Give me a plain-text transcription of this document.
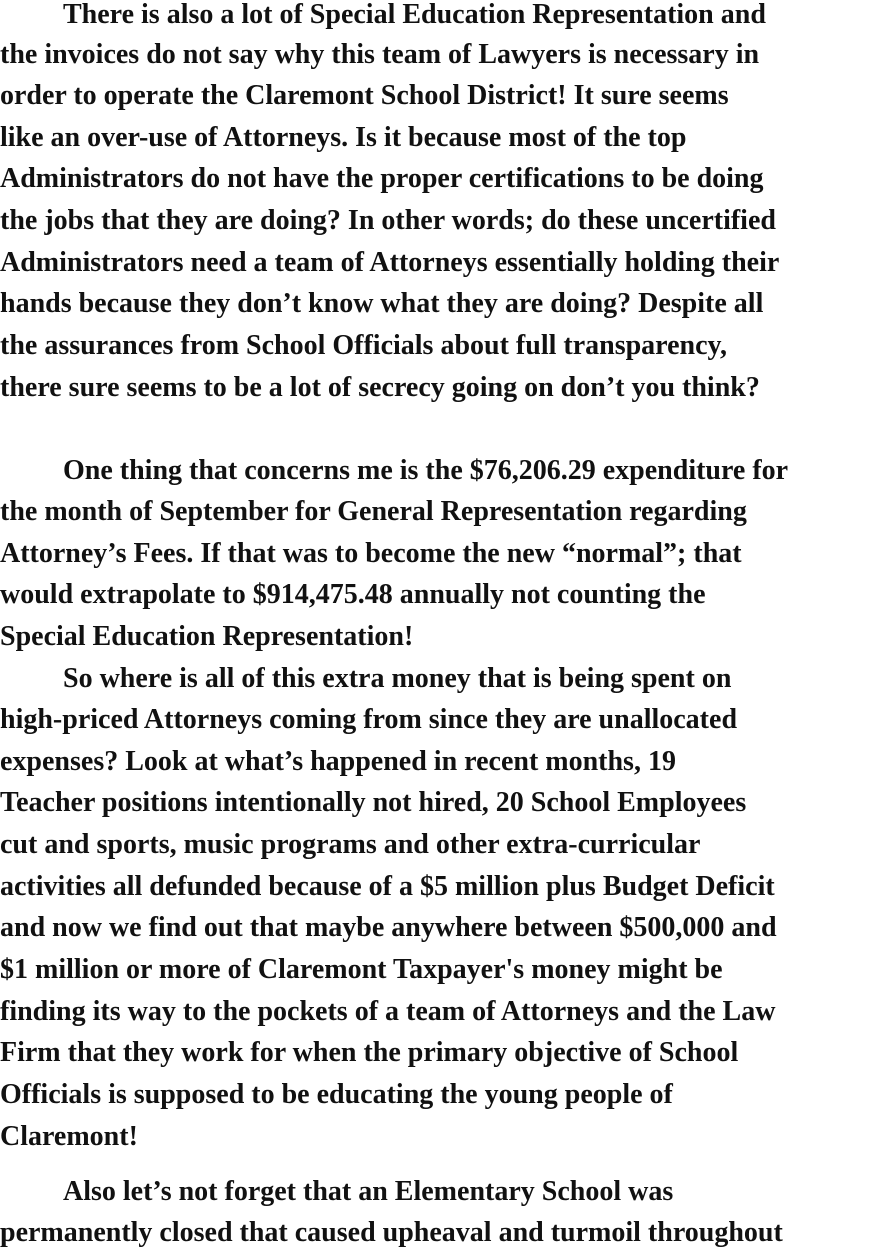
There is also a lot of Special Education Representation and
the invoices do not say why this team of Lawyers is necessary in
order to operate the Claremont School District! It sure seems
like an over-use of Attorneys. Is it because most of the top
Administrators do not have the proper certifications to be doing
the jobs that they are doing? In other words; do these uncertified
Administrators need a team of Attorneys essentially holding their
hands because they don’t know what they are doing? Despite all
the assurances from School Officials about full transparency,
there sure seems to be a lot of secrecy going on don’t you think?
One thing that concerns me is the $76,206.29 expenditure for
the month of September for General Representation regarding
Attorney’s Fees. If that was to become the new “normal”; that
would extrapolate to $914,475.48 annually not counting the
Special Education Representation!
So where is all of this extra money that is being spent on
high-priced Attorneys coming from since they are unallocated
expenses? Look at what’s happened in recent months, 19
Teacher positions intentionally not hired, 20 School Employees
cut and sports, music programs and other extra-curricular
activities all defunded because of a $5 million plus Budget Deficit
and now we find out that maybe anywhere between $500,000 and
$1 million or more of Claremont Taxpayer's money might be
finding its way to the pockets of a team of Attorneys and the Law
Firm that they work for when the primary objective of School
Officials is supposed to be educating the young people of
Claremont!
Also let’s not forget that an Elementary School was
permanently closed that caused upheaval and turmoil throughout
